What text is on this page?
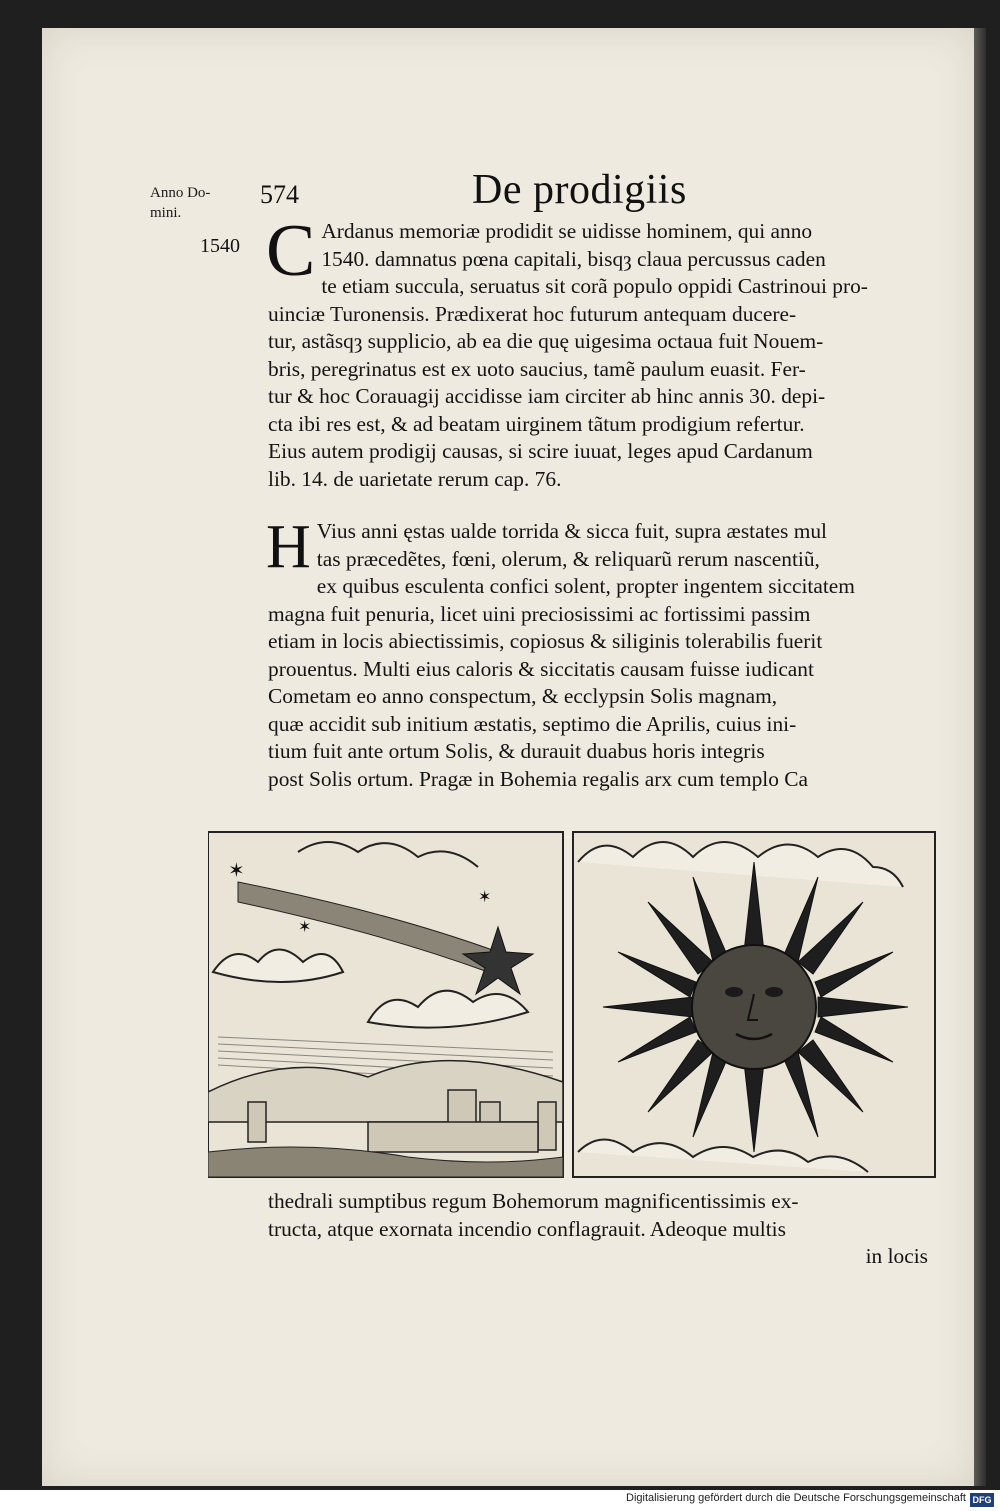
Anno Do-
mini.
574	De prodigiis
1540 C Ardanus memoriæ prodidit se uidisse hominem, qui anno
1540. damnatus pœna capitali, bisqȝ claua percussus caden
te etiam succula, seruatus sit corã populo oppidi Castrinoui pro-
uinciæ Turonensis. Prædixerat hoc futurum antequam ducere-
tur, astãsqȝ supplicio, ab ea die quę uigesima octaua fuit Nouem-
bris, peregrinatus est ex uoto saucius, tamẽ paulum euasit. Fer-
tur & hoc Corauagij accidisse iam circiter ab hinc annis 30. depi-
cta ibi res est, & ad beatam uirginem tãtum prodigium refertur.
Eius autem prodigij causas, si scire iuuat, leges apud Cardanum
lib. 14. de uarietate rerum cap. 76.
H Vius anni ęstas ualde torrida & sicca fuit, supra æstates mul
tas præcedẽtes, fœni, olerum, & reliquarũ rerum nascentiũ,
ex quibus esculenta confici solent, propter ingentem siccitatem
magna fuit penuria, licet uini preciosissimi ac fortissimi passim
etiam in locis abiectissimis, copiosus & siliginis tolerabilis fuerit
prouentus. Multi eius caloris & siccitatis causam fuisse iudicant
Cometam eo anno conspectum, & ecclypsin Solis magnam,
quæ accidit sub initium æstatis, septimo die Aprilis, cuius ini-
tium fuit ante ortum Solis, & durauit duabus horis integris
post Solis ortum. Pragæ in Bohemia regalis arx cum templo Ca
✶
✶
✶
thedrali sumptibus regum Bohemorum magnificentissimis ex-
tructa, atque exornata incendio conflagrauit. Adeoque multis
in locis
Digitalisierung gefördert durch die Deutsche Forschungsgemeinschaft DFG
